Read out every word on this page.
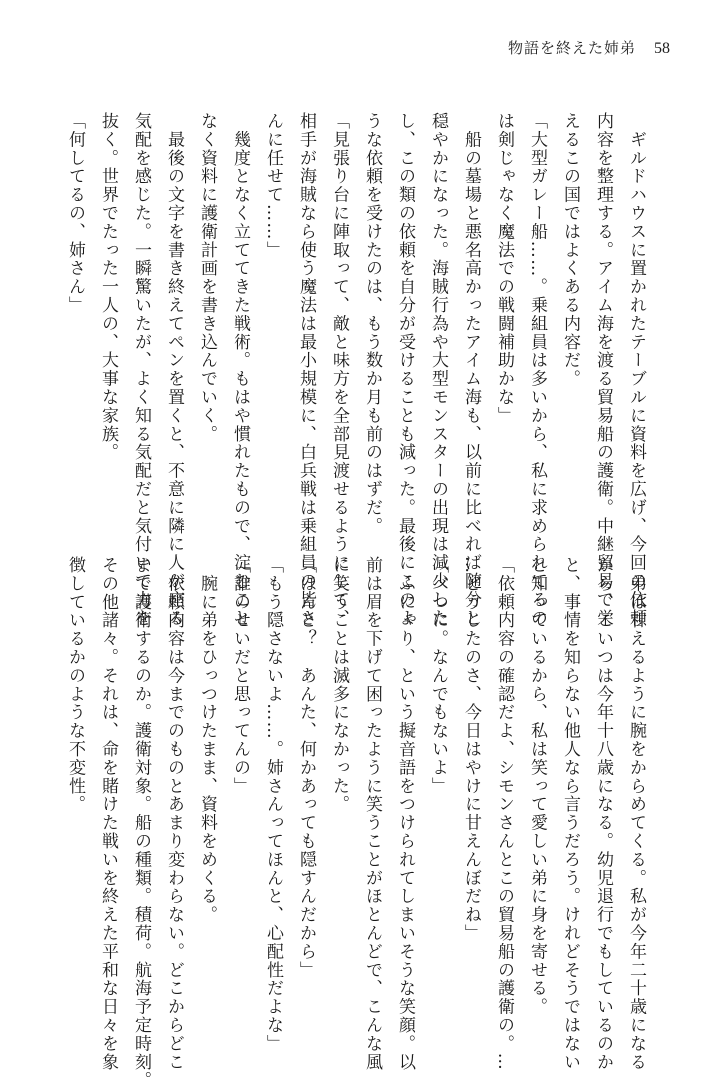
物語を終えた姉弟 58
　ギルドハウスに置かれたテーブルに資料を広げ、今回の依頼
内容を整理する。アイム海を渡る貿易船の護衛。中継貿易で栄
えるこの国ではよくある内容だ。
「大型ガレー船……。乗組員は多いから、私に求められてるの
は剣じゃなく魔法での戦闘補助かな」
　船の墓場と悪名高かったアイム海も、以前に比べれば随分と
穏やかになった。海賊行為や大型モンスターの出現は減少した
し、この類の依頼を自分が受けることも減った。最後にこのよ
うな依頼を受けたのは、もう数か月も前のはずだ。
「見張り台に陣取って、敵と味方を全部見渡せるようにして、
相手が海賊なら使う魔法は最小規模に、白兵戦は乗組員の皆さ
んに任せて……」
　幾度となく立ててきた戦術。もはや慣れたもので、淀むこと
なく資料に護衛計画を書き込んでいく。
　最後の文字を書き終えてペンを置くと、不意に隣に人が座る
気配を感じた。一瞬驚いたが、よく知る気配だと気付いて力を
抜く。世界でたった一人の、大事な家族。
「何してるの、姉さん」
　弟は甘えるように腕をからめてくる。私が今年二十歳になる
から、こいつは今年十八歳になる。幼児退行でもしているのか
と、事情を知らない他人なら言うだろう。けれどそうではない
と知っているから、私は笑って愛しい弟に身を寄せる。
「依頼内容の確認だよ、シモンさんとこの貿易船の護衛の。…
…どうしたのさ、今日はやけに甘えんぼだね」
「べつに。なんでもないよ」
　ふにゃり、という擬音語をつけられてしまいそうな笑顔。以
前は眉を下げて困ったように笑うことがほとんどで、こんな風
に笑うことは滅多になかった。
「ほんと？　あんた、何かあっても隠すんだから」
「もう隠さないよ……。姉さんってほんと、心配性だよな」
「誰のせいだと思ってんの」
　腕に弟をひっつけたまま、資料をめくる。
　依頼内容は今までのものとあまり変わらない。どこからどこ
まで護衛するのか。護衛対象。船の種類。積荷。航海予定時刻。
その他諸々。それは、命を賭けた戦いを終えた平和な日々を象
徴しているかのような不変性。
